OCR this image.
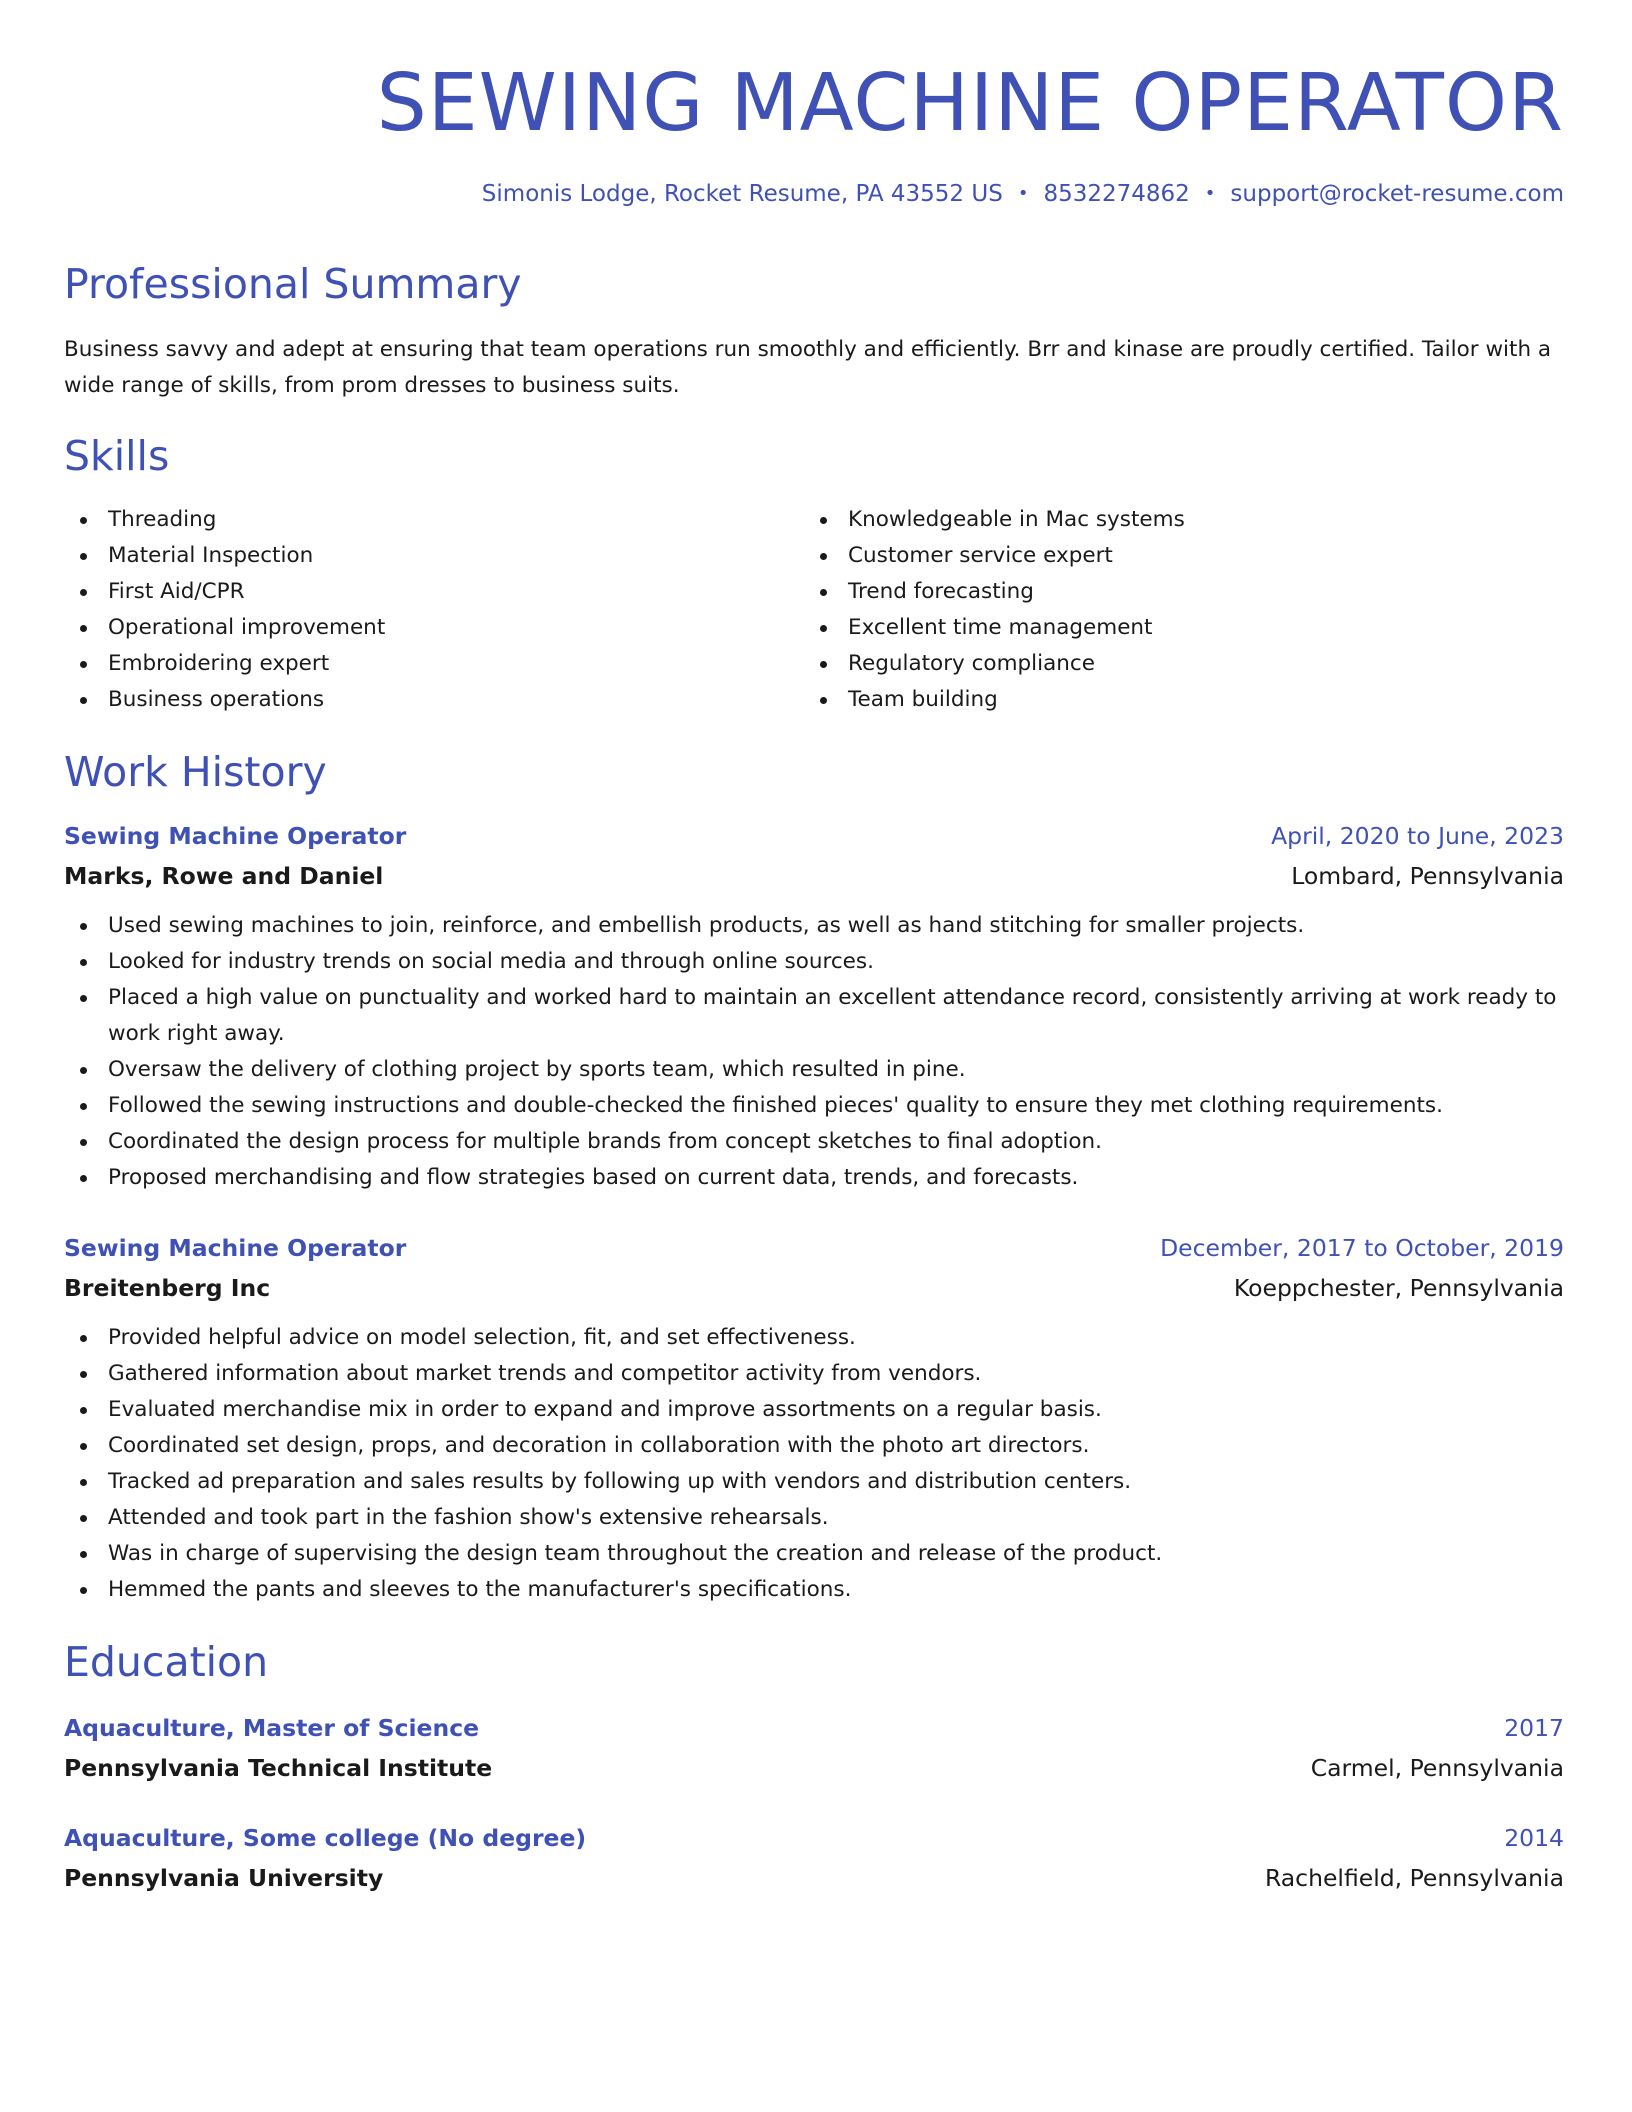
SEWING MACHINE OPERATOR
Simonis Lodge, Rocket Resume, PA 43552 US • 8532274862 • support@rocket-resume.com
Professional Summary
Business savvy and adept at ensuring that team operations run smoothly and efficiently. Brr and kinase are proudly certified. Tailor with a wide range of skills, from prom dresses to business suits.
Skills
Threading
Material Inspection
First Aid/CPR
Operational improvement
Embroidering expert
Business operations
Knowledgeable in Mac systems
Customer service expert
Trend forecasting
Excellent time management
Regulatory compliance
Team building
Work History
Sewing Machine Operator	April, 2020 to June, 2023
Marks, Rowe and Daniel	Lombard, Pennsylvania
Used sewing machines to join, reinforce, and embellish products, as well as hand stitching for smaller projects.
Looked for industry trends on social media and through online sources.
Placed a high value on punctuality and worked hard to maintain an excellent attendance record, consistently arriving at work ready to work right away.
Oversaw the delivery of clothing project by sports team, which resulted in pine.
Followed the sewing instructions and double-checked the finished pieces' quality to ensure they met clothing requirements.
Coordinated the design process for multiple brands from concept sketches to final adoption.
Proposed merchandising and flow strategies based on current data, trends, and forecasts.
Sewing Machine Operator	December, 2017 to October, 2019
Breitenberg Inc	Koeppchester, Pennsylvania
Provided helpful advice on model selection, fit, and set effectiveness.
Gathered information about market trends and competitor activity from vendors.
Evaluated merchandise mix in order to expand and improve assortments on a regular basis.
Coordinated set design, props, and decoration in collaboration with the photo art directors.
Tracked ad preparation and sales results by following up with vendors and distribution centers.
Attended and took part in the fashion show's extensive rehearsals.
Was in charge of supervising the design team throughout the creation and release of the product.
Hemmed the pants and sleeves to the manufacturer's specifications.
Education
Aquaculture, Master of Science	2017
Pennsylvania Technical Institute	Carmel, Pennsylvania
Aquaculture, Some college (No degree)	2014
Pennsylvania University	Rachelfield, Pennsylvania
